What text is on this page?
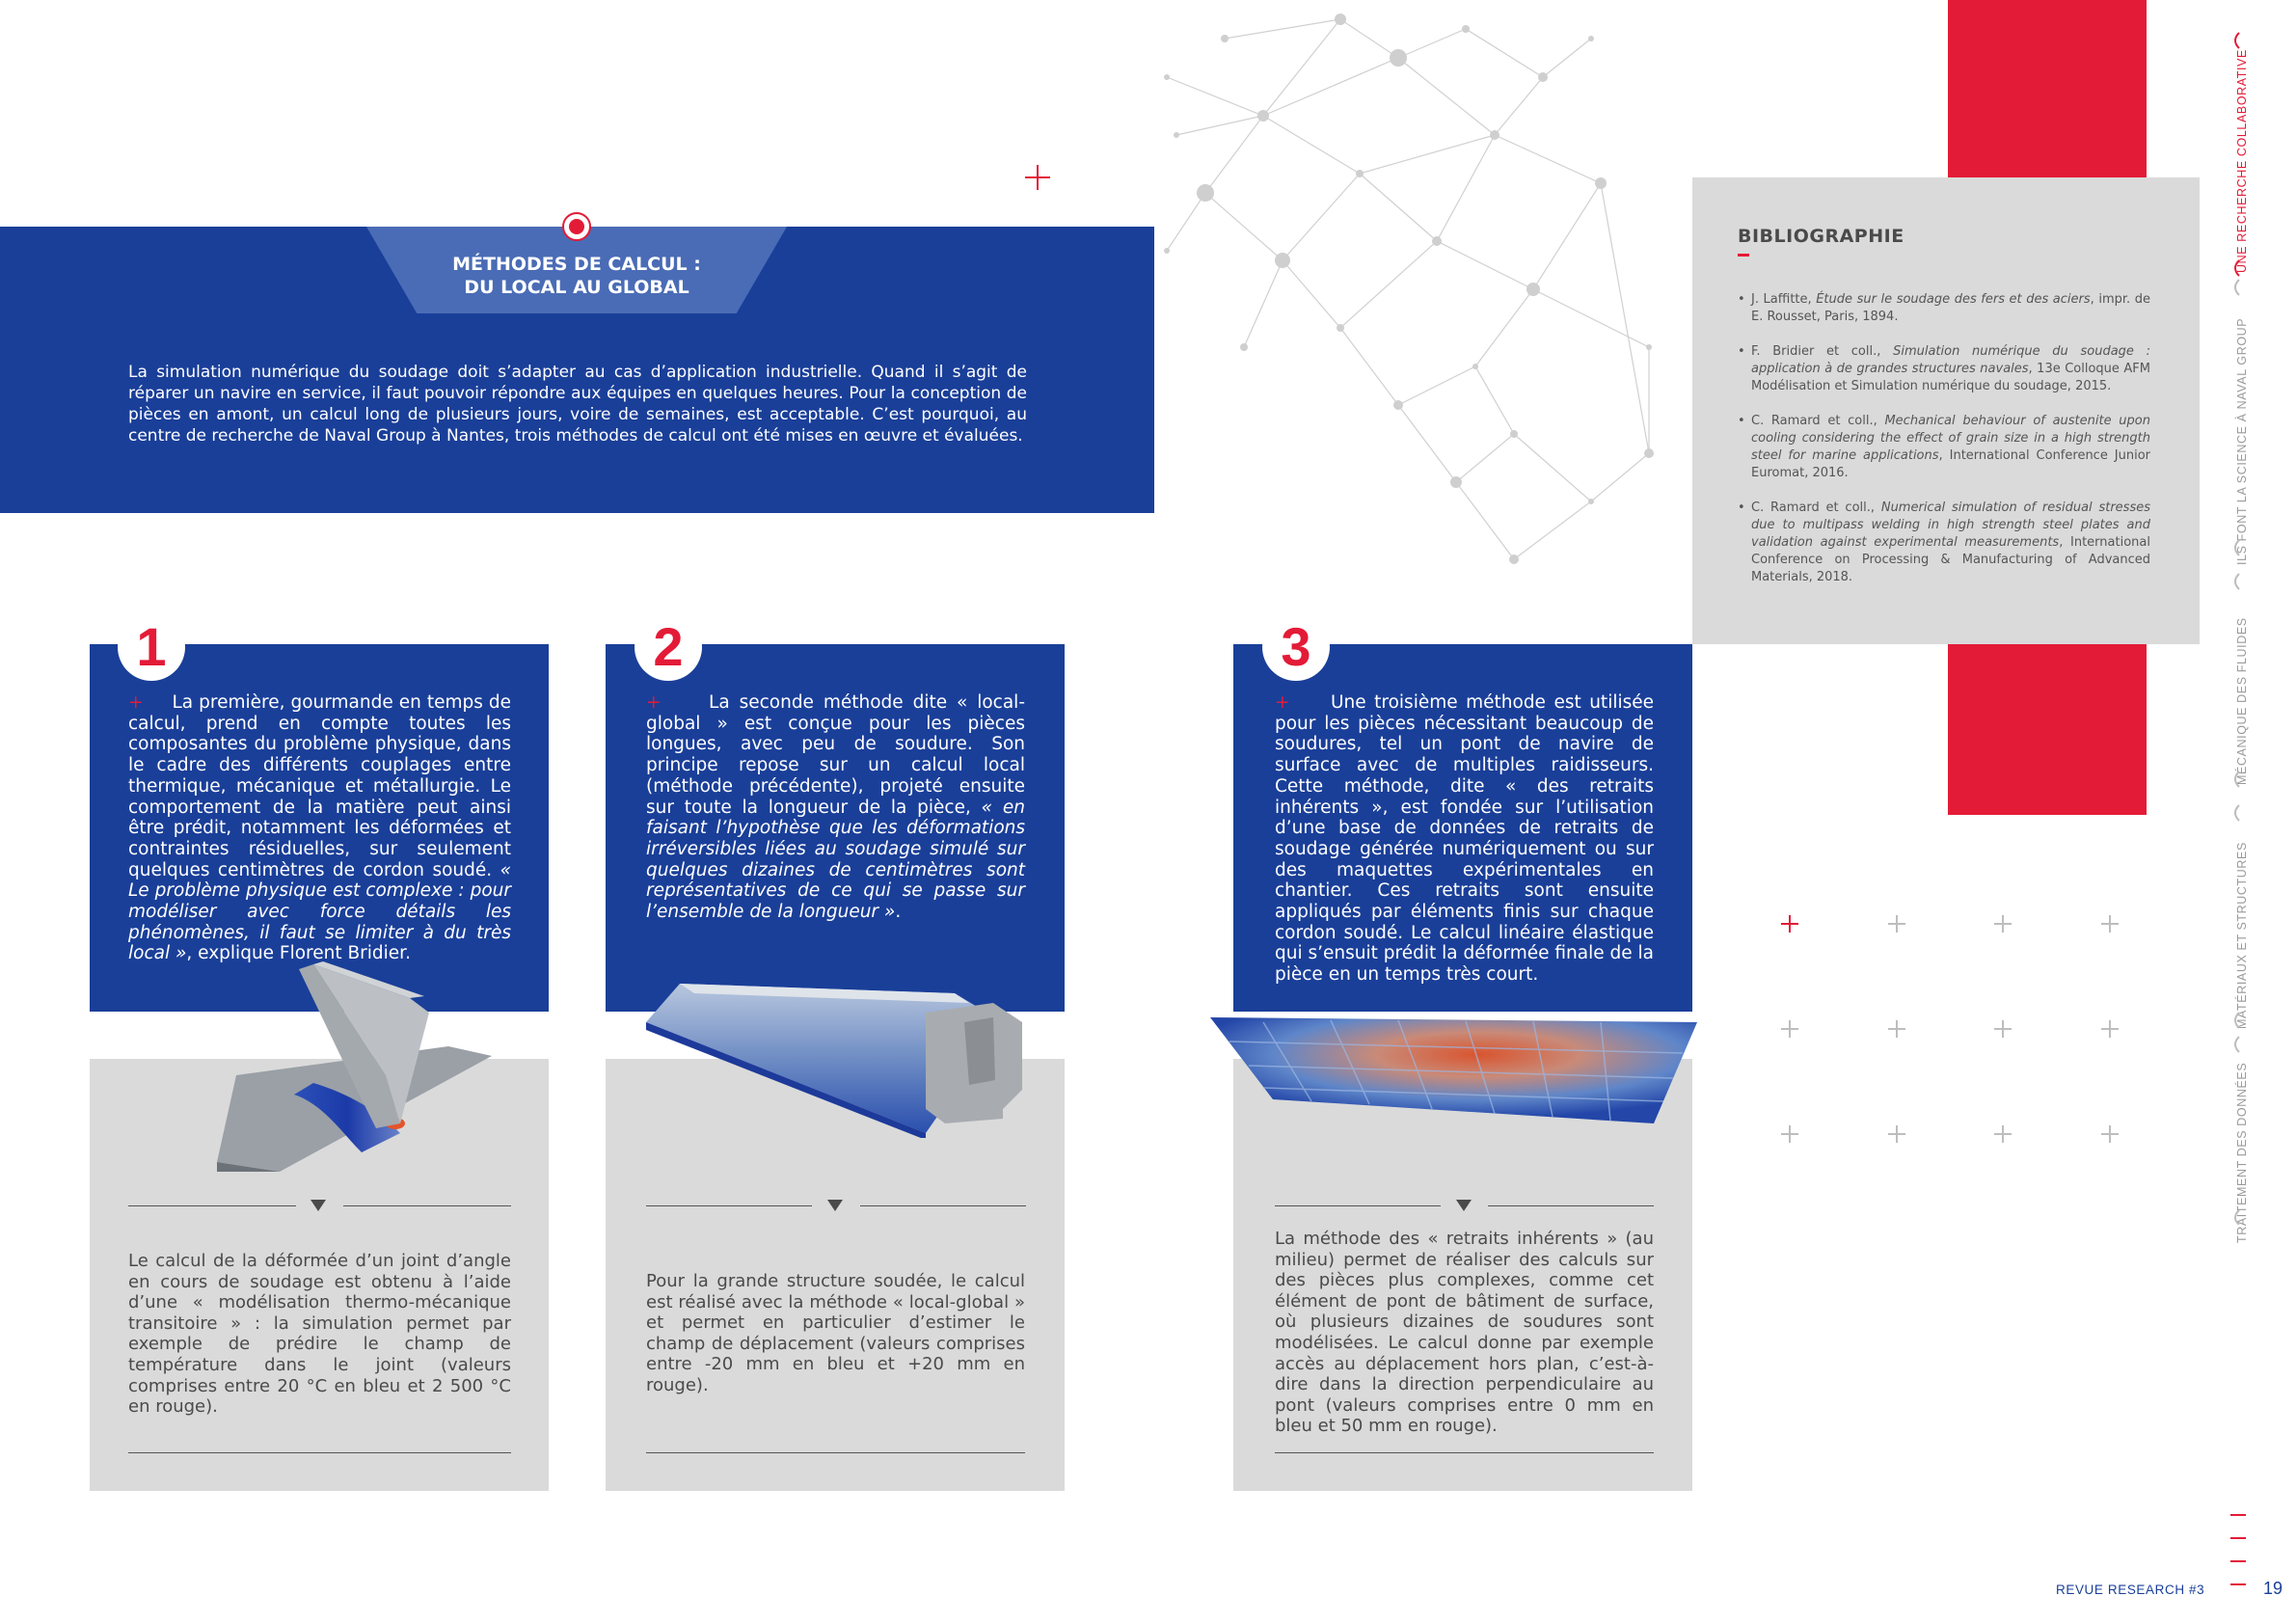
MÉTHODES DE CALCUL :
DU LOCAL AU GLOBAL
La simulation numérique du soudage doit s’adapter au cas d’application industrielle. Quand il s’agit de réparer un navire en service, il faut pouvoir répondre aux équipes en quelques heures. Pour la conception de pièces en amont, un calcul long de plusieurs jours, voire de semaines, est acceptable. C’est pourquoi, au centre de recherche de Naval Group à Nantes, trois méthodes de calcul ont été mises en œuvre et évaluées.
BIBLIOGRAPHIE
• J. Laffitte, Étude sur le soudage des fers et des aciers, impr. de E. Rousset, Paris, 1894.
• F. Bridier et coll., Simulation numérique du soudage : application à de grandes structures navales, 13e Colloque AFM Modélisation et Simulation numérique du soudage, 2015.
• C. Ramard et coll., Mechanical behaviour of austenite upon cooling considering the effect of grain size in a high strength steel for marine applications, International Conference Junior Euromat, 2016.
• C. Ramard et coll., Numerical simulation of residual stresses due to multipass welding in high strength steel plates and validation against experimental measurements, International Conference on Processing & Manufacturing of Advanced Materials, 2018.
1
+     La première, gourmande en temps de calcul, prend en compte toutes les composantes du problème physique, dans le cadre des différents couplages entre thermique, mécanique et métallurgie. Le comportement de la matière peut ainsi être prédit, notamment les déformées et contraintes résiduelles, sur seulement quelques centimètres de cordon soudé. « Le problème physique est complexe : pour modéliser avec force détails les phénomènes, il faut se limiter à du très local », explique Florent Bridier.
Le calcul de la déformée d’un joint d’angle en cours de soudage est obtenu à l’aide d’une « modélisation thermo-mécanique transitoire » : la simulation permet par exemple de prédire le champ de température dans le joint (valeurs comprises entre 20 °C en bleu et 2 500 °C en rouge).
2
+     La seconde méthode dite « local-global » est conçue pour les pièces longues, avec peu de soudure. Son principe repose sur un calcul local (méthode précédente), projeté ensuite sur toute la longueur de la pièce, « en faisant l’hypothèse que les déformations irréversibles liées au soudage simulé sur quelques dizaines de centimètres sont représentatives de ce qui se passe sur l’ensemble de la longueur ».
Pour la grande structure soudée, le calcul est réalisé avec la méthode « local-global » et permet en particulier d’estimer le champ de déplacement (valeurs comprises entre -20 mm en bleu et +20 mm en rouge).
3
+     Une troisième méthode est utilisée pour les pièces nécessitant beaucoup de soudures, tel un pont de navire de surface avec de multiples raidisseurs. Cette méthode, dite « des retraits inhérents », est fondée sur l’utilisation d’une base de données de retraits de soudage générée numériquement ou sur des maquettes expérimentales en chantier. Ces retraits sont ensuite appliqués par éléments finis sur chaque cordon soudé. Le calcul linéaire élastique qui s’ensuit prédit la déformée finale de la pièce en un temps très court.
La méthode des « retraits inhérents » (au milieu) permet de réaliser des calculs sur des pièces plus complexes, comme cet élément de pont de bâtiment de surface, où plusieurs dizaines de soudures sont modélisées. Le calcul donne par exemple accès au déplacement hors plan, c’est-à-dire dans la direction perpendiculaire au pont (valeurs comprises entre 0 mm en bleu et 50 mm en rouge).
UNE RECHERCHE COLLABORATIVE
ILS FONT LA SCIENCE À NAVAL GROUP
MÉCANIQUE DES FLUIDES
MATÉRIAUX ET STRUCTURES
TRAITEMENT DES DONNÉES
REVUE RESEARCH #3	19
